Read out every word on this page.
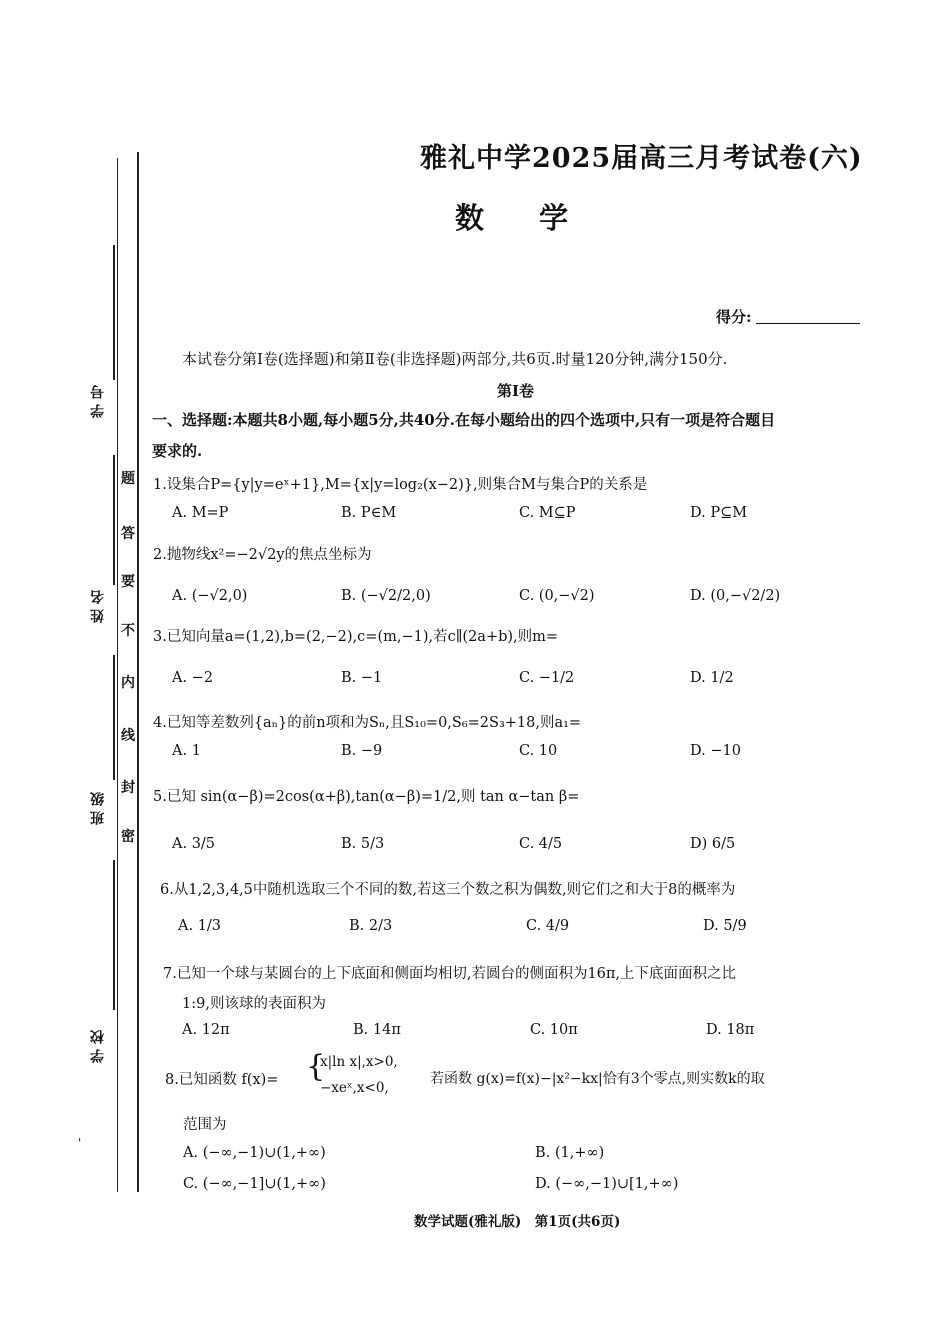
学 号
姓 名
班 级
学 校
题
答
要
不
内
线
封
密
'
雅礼中学2025届高三月考试卷(六)
数 学
得分:
本试卷分第Ⅰ卷(选择题)和第Ⅱ卷(非选择题)两部分,共6页.时量120分钟,满分150分.
第Ⅰ卷
一、选择题:本题共8小题,每小题5分,共40分.在每小题给出的四个选项中,只有一项是符合题目
要求的.
1.设集合P={y|y=eˣ+1},M={x|y=log₂(x−2)},则集合M与集合P的关系是
A. M=P	B. P∈M	C. M⊆P	D. P⊆M
2.抛物线x²=−2√2y的焦点坐标为
A. (−√2,0)	B. (−√2/2,0)	C. (0,−√2)	D. (0,−√2/2)
3.已知向量a=(1,2),b=(2,−2),c=(m,−1),若c∥(2a+b),则m=
A. −2	B. −1	C. −1/2	D. 1/2
4.已知等差数列{aₙ}的前n项和为Sₙ,且S₁₀=0,S₆=2S₃+18,则a₁=
A. 1	B. −9	C. 10	D. −10
5.已知 sin(α−β)=2cos(α+β),tan(α−β)=1/2,则 tan α−tan β=
A. 3/5	B. 5/3	C. 4/5	D) 6/5
6.从1,2,3,4,5中随机选取三个不同的数,若这三个数之积为偶数,则它们之和大于8的概率为
A. 1/3	B. 2/3	C. 4/9	D. 5/9
7.已知一个球与某圆台的上下底面和侧面均相切,若圆台的侧面积为16π,上下底面面积之比
1:9,则该球的表面积为
A. 12π	B. 14π	C. 10π	D. 18π
8.已知函数 f(x)= {
x|ln x|,x>0,
−xeˣ,x<0,
若函数 g(x)=f(x)−|x²−kx|恰有3个零点,则实数k的取
范围为
A. (−∞,−1)∪(1,+∞)	B. (1,+∞)
C. (−∞,−1]∪(1,+∞)	D. (−∞,−1)∪[1,+∞)
数学试题(雅礼版)　第1页(共6页)
